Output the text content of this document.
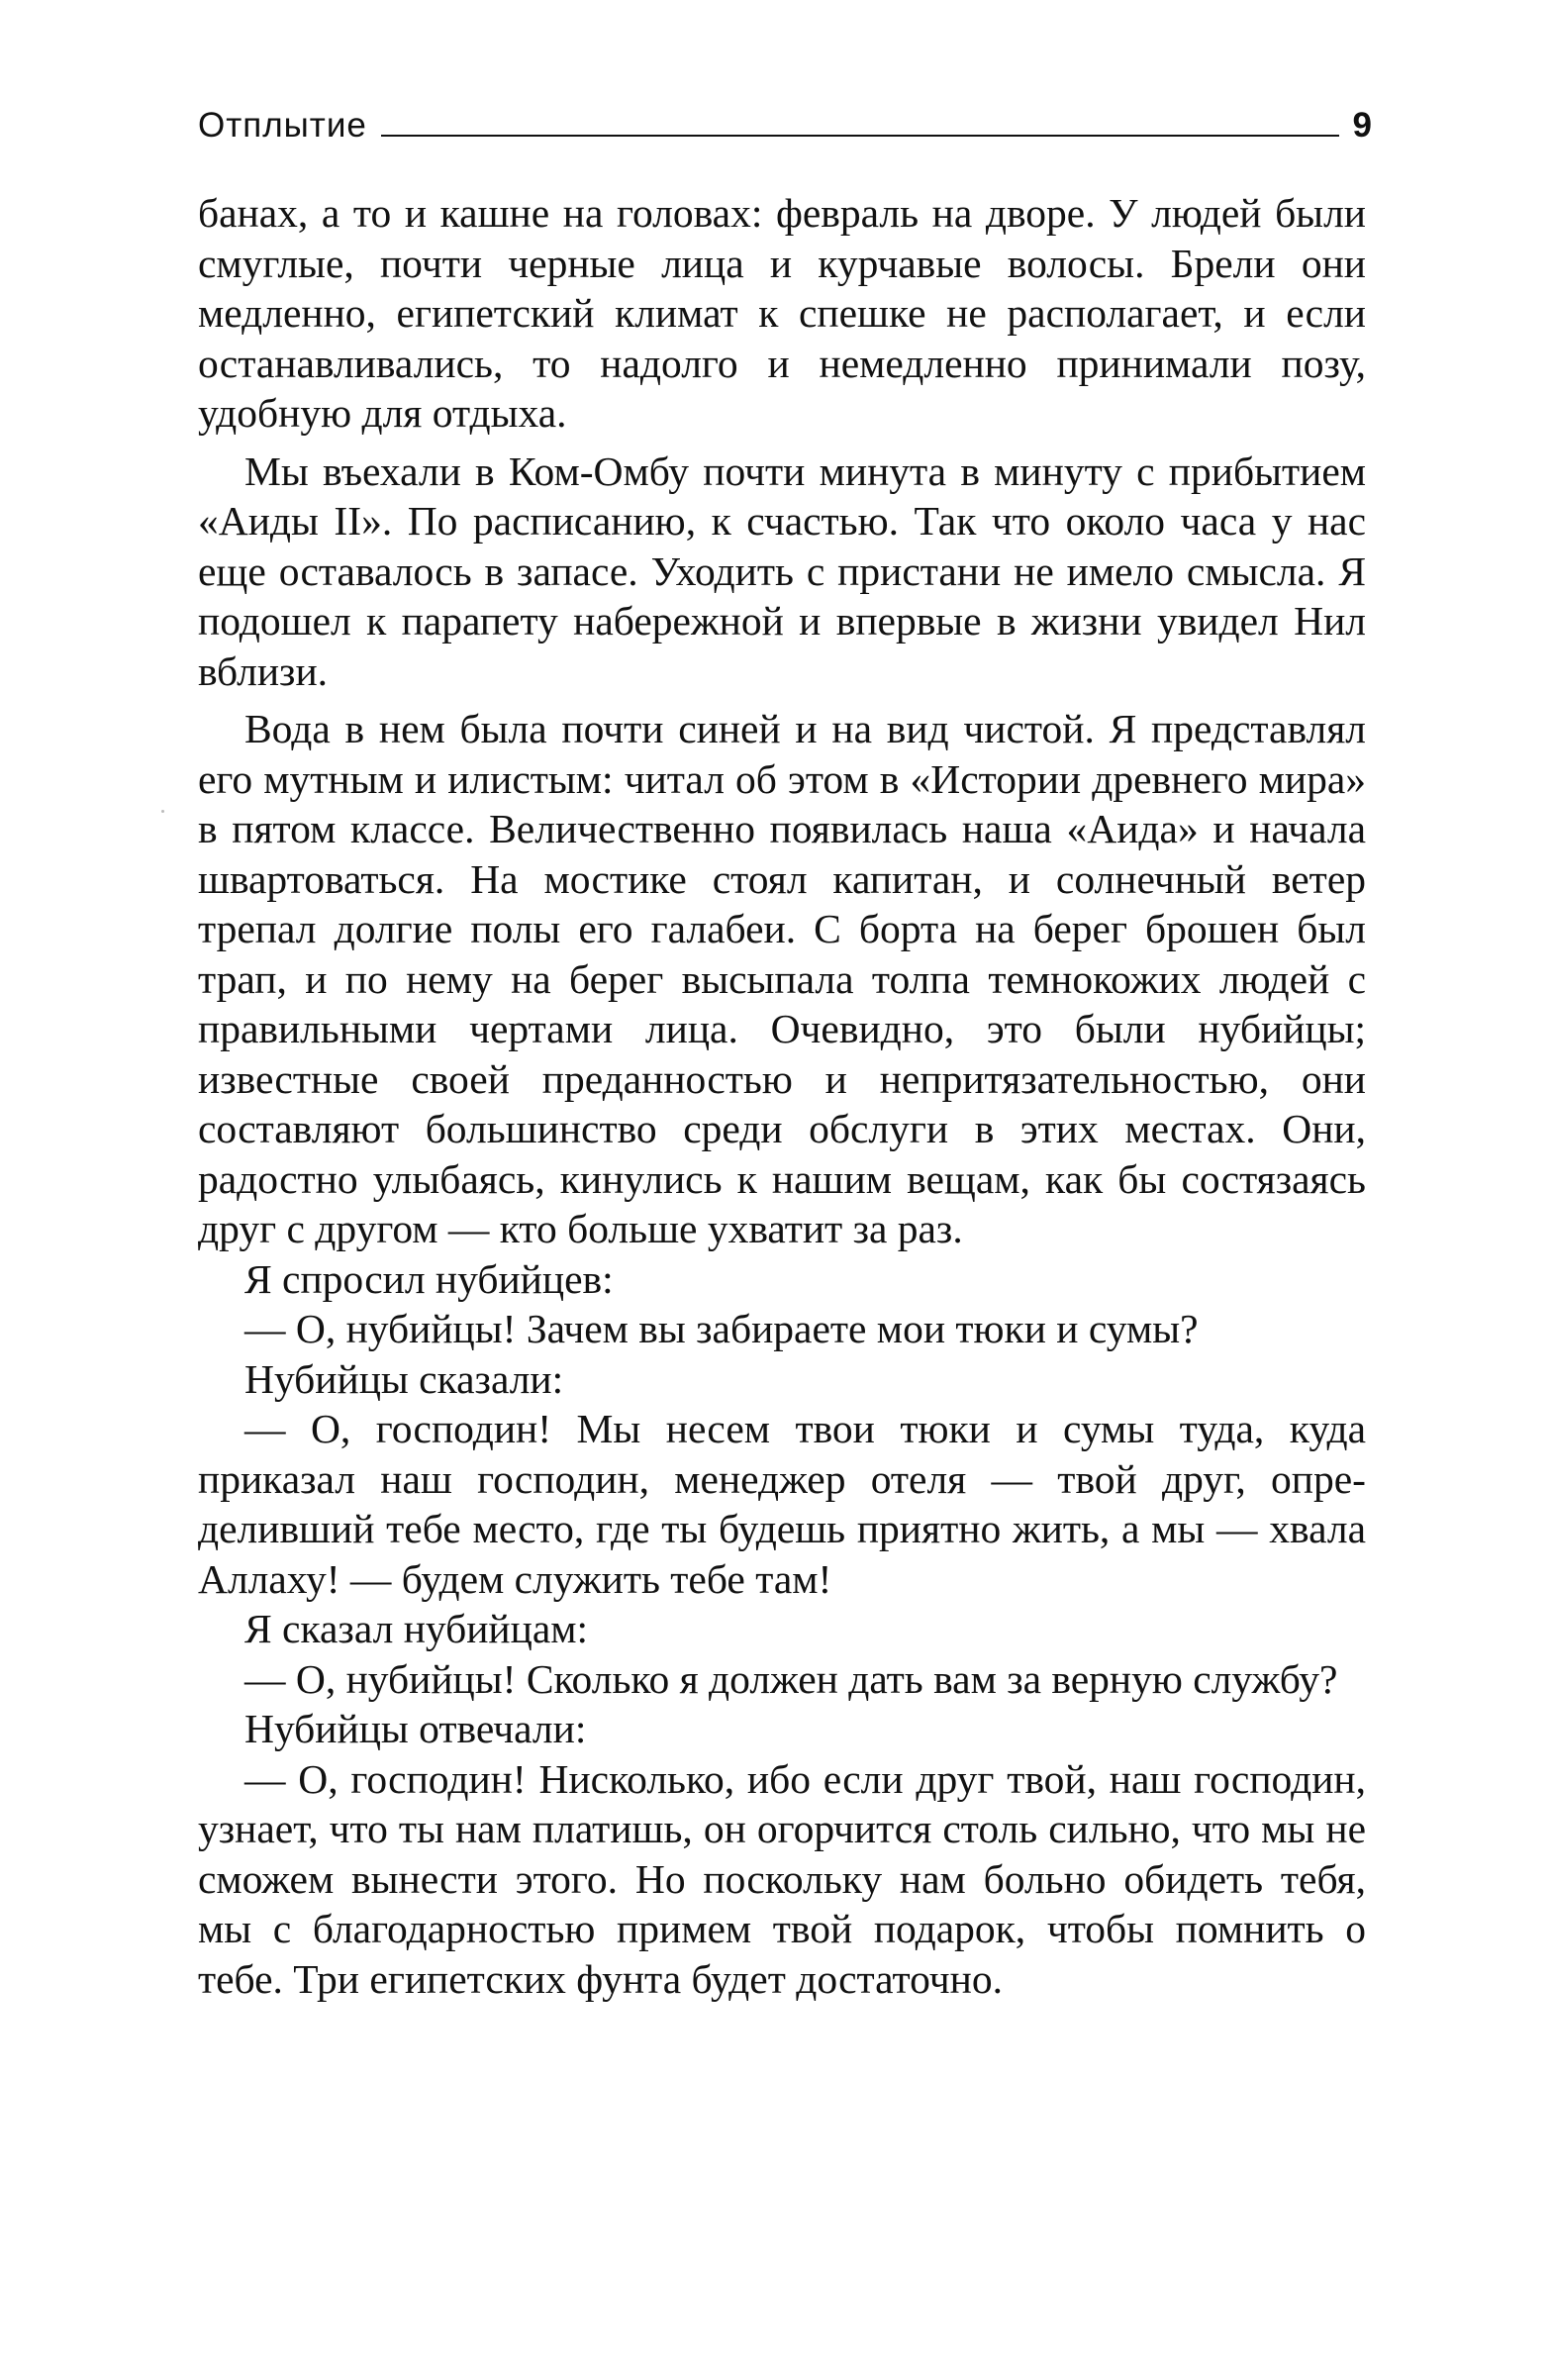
Отплытие	9

банах, а то и кашне на головах: февраль на дворе. У людей были смуглые, почти черные лица и курчавые волосы. Брели они медленно, египетский климат к спешке не располагает, и если останавливались, то надолго и немедленно принимали позу, удобную для отдыха.

Мы въехали в Ком-Омбу почти минута в минуту с прибытием «Аиды II». По расписанию, к счастью. Так что около часа у нас еще оставалось в запасе. Уходить с пристани не имело смысла. Я подошел к парапету набережной и впервые в жизни увидел Нил вблизи.

Вода в нем была почти синей и на вид чистой. Я представлял его мутным и илистым: читал об этом в «Истории древнего мира» в пятом классе. Величественно появилась наша «Аида» и начала швартоваться. На мостике стоял капитан, и солнечный ветер трепал долгие полы его галабеи. С борта на берег брошен был трап, и по нему на берег высыпала толпа темнокожих людей с правильными чертами лица. Очевидно, это были нубийцы; известные своей преданностью и непритязательностью, они составляют большинство среди обслуги в этих местах. Они, радостно улыбаясь, кинулись к нашим вещам, как бы состязаясь друг с другом — кто больше ухватит за раз.

Я спросил нубийцев:

— О, нубийцы! Зачем вы забираете мои тюки и сумы?

Нубийцы сказали:

— О, господин! Мы несем твои тюки и сумы туда, куда приказал наш господин, менеджер отеля — твой друг, определивший тебе место, где ты будешь приятно жить, а мы — хвала Аллаху! — будем служить тебе там!

Я сказал нубийцам:

— О, нубийцы! Сколько я должен дать вам за верную службу?

Нубийцы отвечали:

— О, господин! Нисколько, ибо если друг твой, наш господин, узнает, что ты нам платишь, он огорчится столь сильно, что мы не сможем вынести этого. Но поскольку нам больно обидеть тебя, мы с благодарностью примем твой подарок, чтобы помнить о тебе. Три египетских фунта будет достаточно.
